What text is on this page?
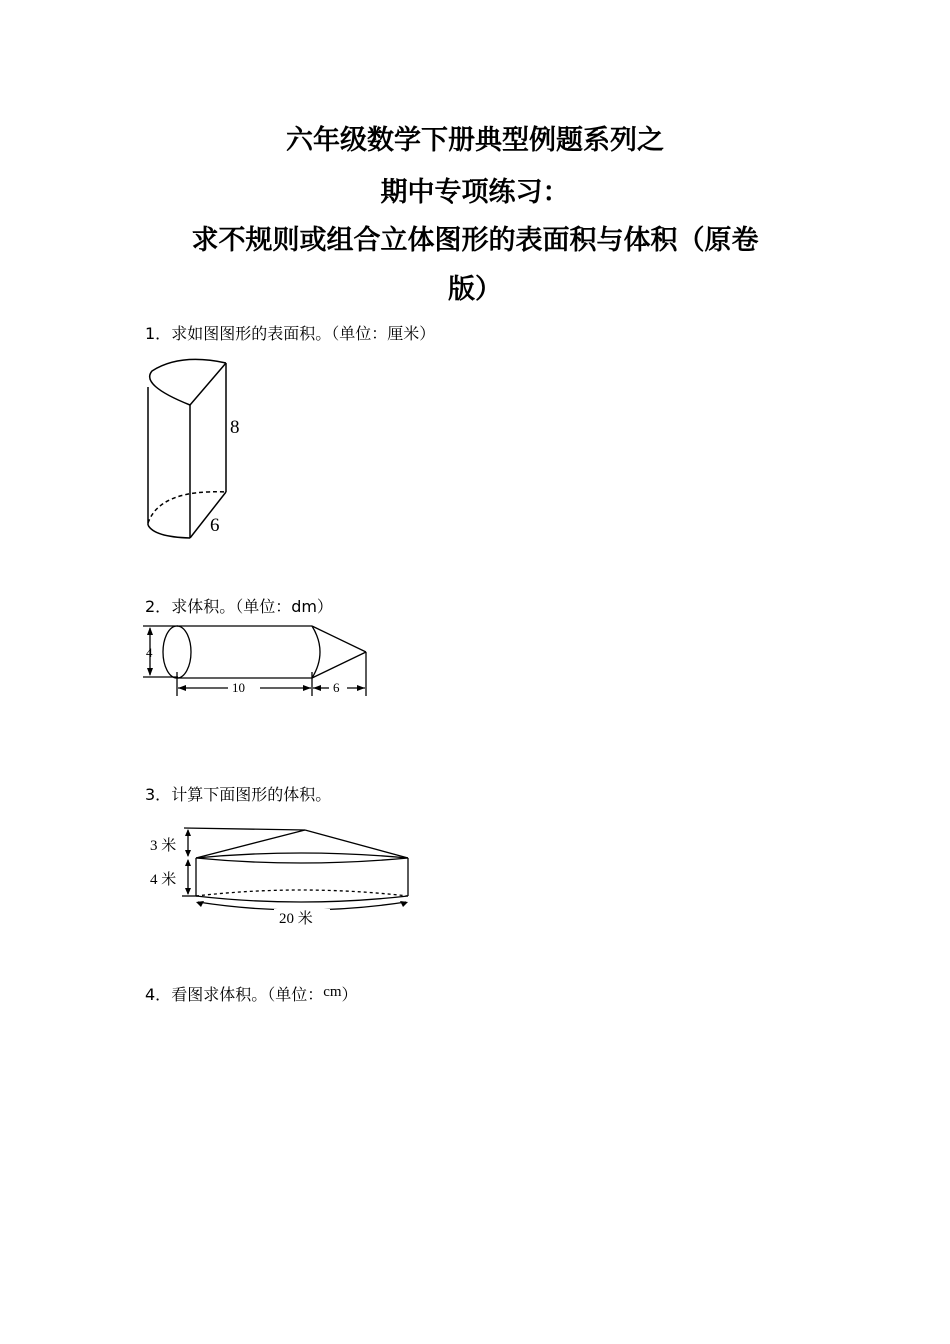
六年级数学下册典型例题系列之
期中专项练习：
求不规则或组合立体图形的表面积与体积（原卷
版）
1．求如图图形的表面积。（单位：厘米）
8
6
2．求体积。（单位：dm）
4
10	6
3．计算下面图形的体积。
3 米
4 米
20 米
4．看图求体积。（单位：cm）
